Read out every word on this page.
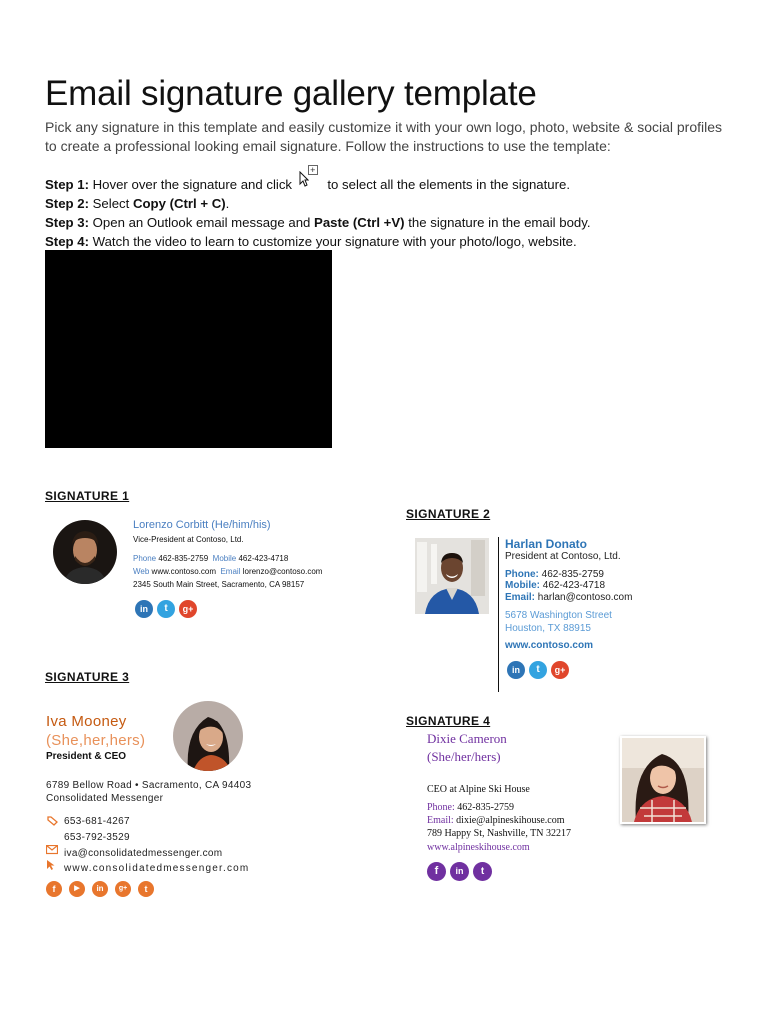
Email signature gallery template
Pick any signature in this template and easily customize it with your own logo, photo, website & social profiles to create a professional looking email signature. Follow the instructions to use the template:
Step 1: Hover over the signature and click
+
to select all the elements in the signature.
Step 2: Select Copy (Ctrl + C).
Step 3: Open an Outlook email message and Paste (Ctrl +V) the signature in the email body.
Step 4: Watch the video to learn to customize your signature with your photo/logo, website.
SIGNATURE 1
Lorenzo Corbitt (He/him/his)
Vice-President at Contoso, Ltd.
Phone 462-835-2759 Mobile 462-423-4718
Web www.contoso.com Email lorenzo@contoso.com
2345 South Main Street, Sacramento, CA 98157
in	t	g+
SIGNATURE 2
Harlan Donato
President at Contoso, Ltd.
Phone: 462-835-2759
Mobile: 462-423-4718
Email: harlan@contoso.com
5678 Washington Street
Houston, TX 88915
www.contoso.com
in	t	g+
SIGNATURE 3
Iva Mooney
(She,her,hers)
President & CEO
6789 Bellow Road • Sacramento, CA 94403
Consolidated Messenger
653-681-4267
653-792-3529
iva@consolidatedmessenger.com
www.consolidatedmessenger.com
f	▶	in	g+	t
SIGNATURE 4
Dixie Cameron
(She/her/hers)
CEO at Alpine Ski House
Phone: 462-835-2759
Email: dixie@alpineskihouse.com
789 Happy St, Nashville, TN 32217
www.alpineskihouse.com
f	in	t
